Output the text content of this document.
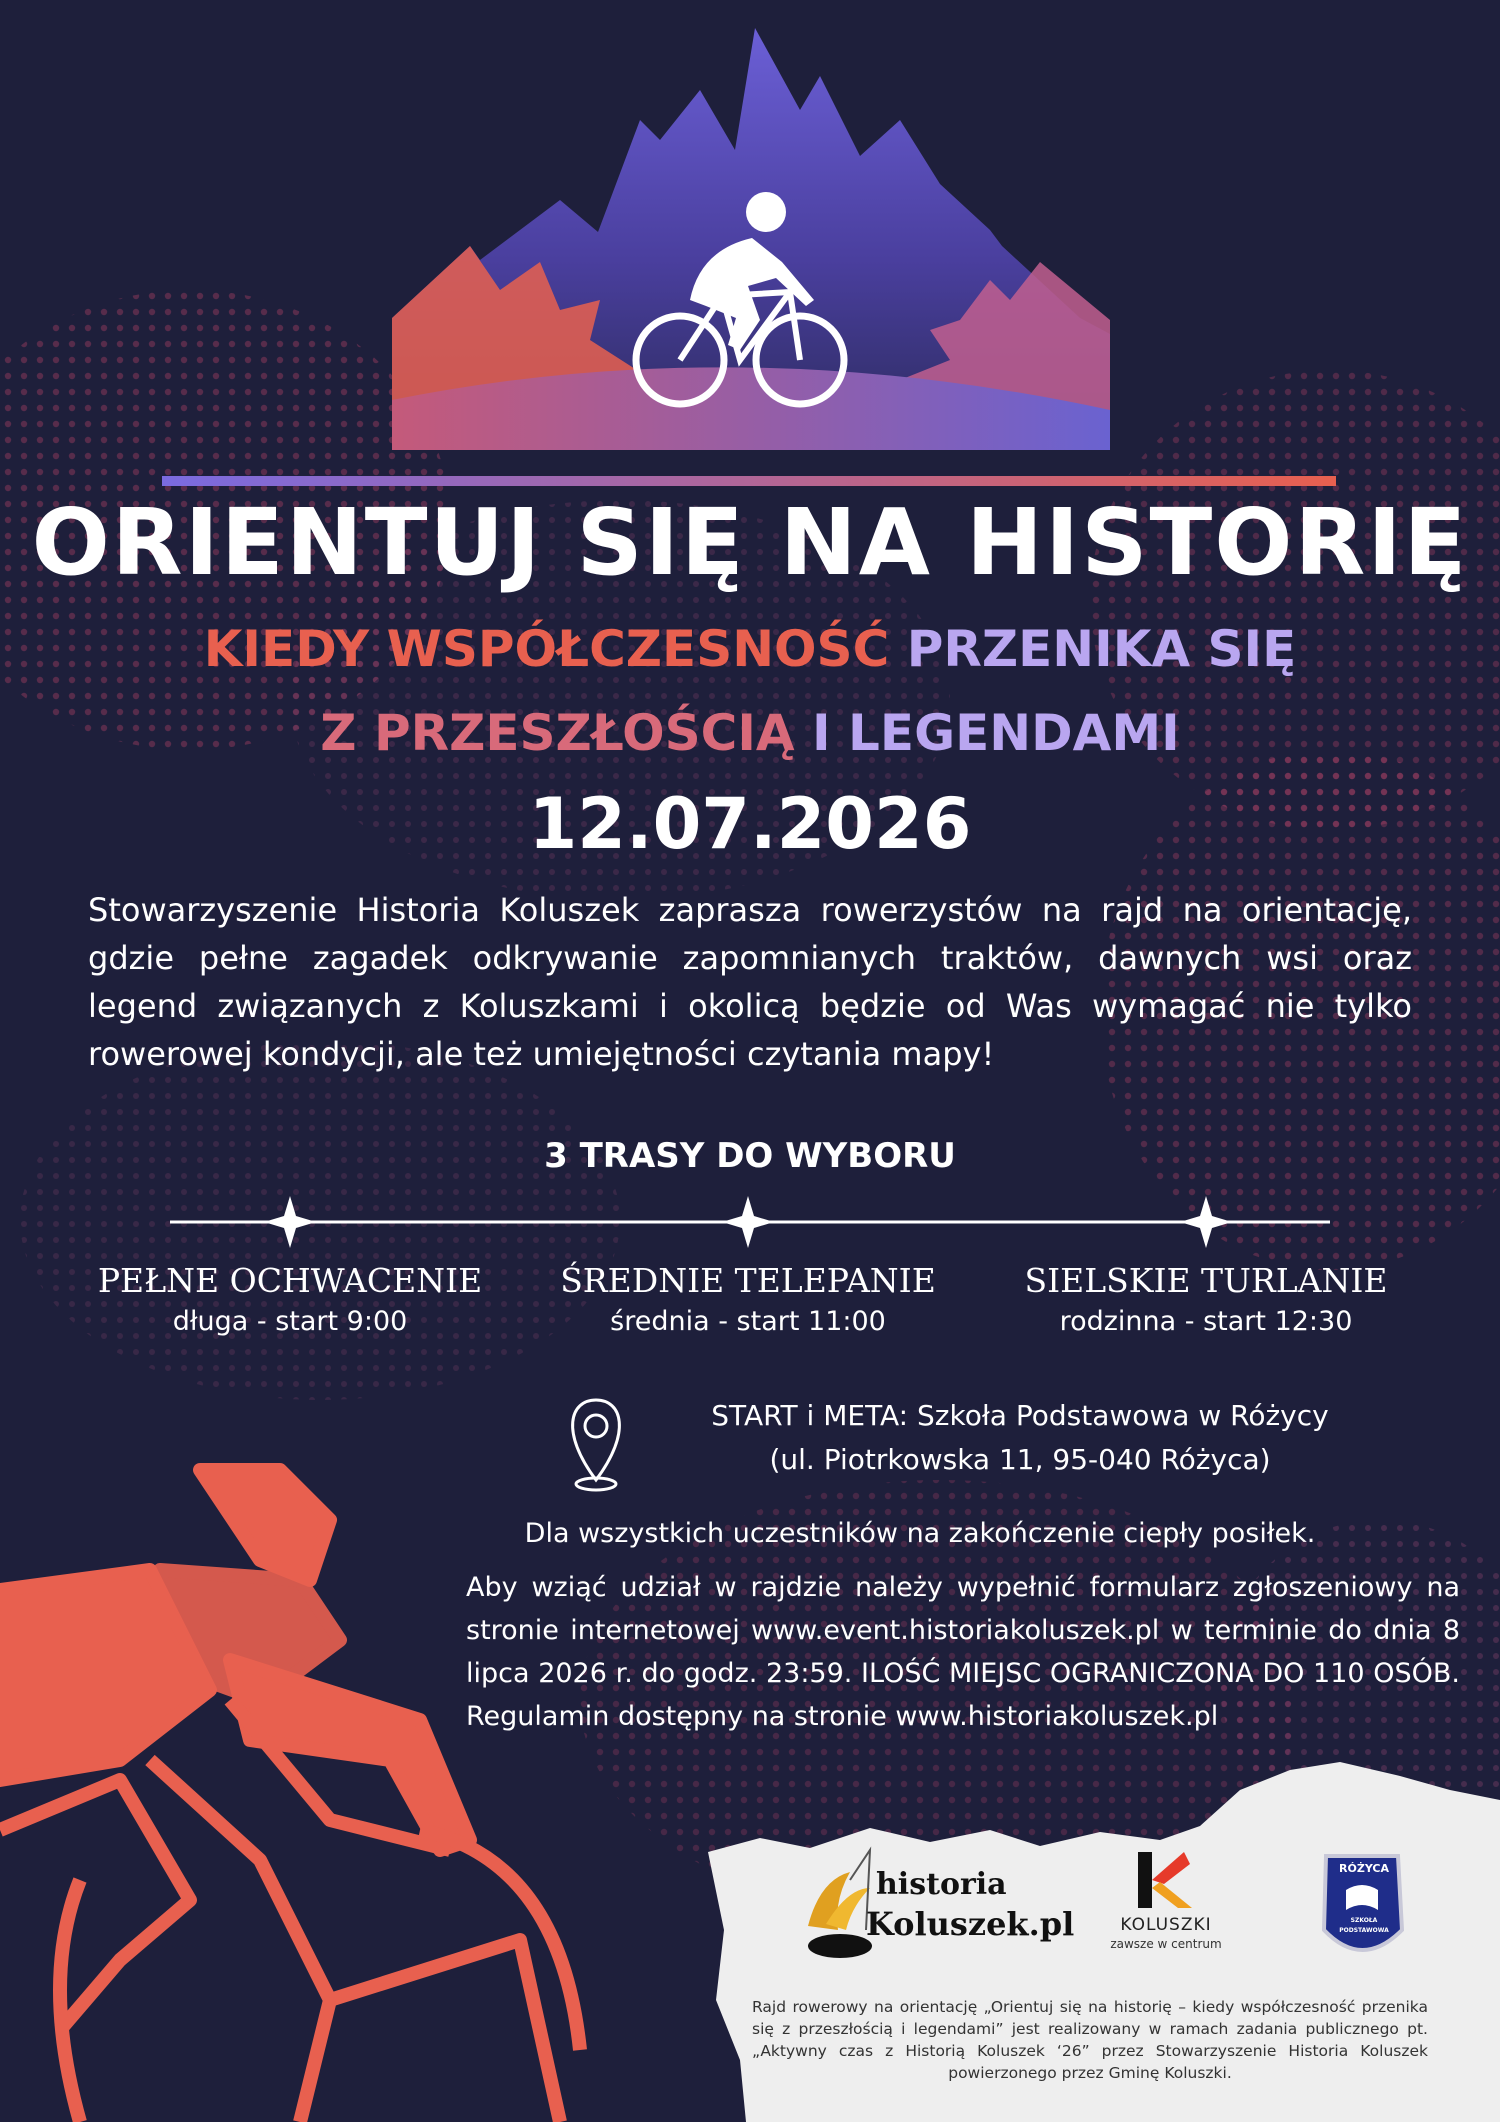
ORIENTUJ SIĘ NA HISTORIĘ
KIEDY WSPÓŁCZESNOŚĆ PRZENIKA SIĘ
Z PRZESZŁOŚCIĄ I LEGENDAMI
12.07.2026
Stowarzyszenie Historia Koluszek zaprasza rowerzystów na rajd na orientację, gdzie pełne zagadek odkrywanie zapomnianych traktów, dawnych wsi oraz legend związanych z Koluszkami i okolicą będzie od Was wymagać nie tylko rowerowej kondycji, ale też umiejętności czytania mapy!
3 TRASY DO WYBORU
PEŁNE OCHWACENIE
długa - start 9:00
ŚREDNIE TELEPANIE
średnia - start 11:00
SIELSKIE TURLANIE
rodzinna - start 12:30
START i META: Szkoła Podstawowa w Różycy
(ul. Piotrkowska 11, 95-040 Różyca)
Dla wszystkich uczestników na zakończenie ciepły posiłek.
Aby wziąć udział w rajdzie należy wypełnić formularz zgłoszeniowy na stronie internetowej www.event.historiakoluszek.pl w terminie do dnia 8 lipca 2026 r. do godz. 23:59. ILOŚĆ MIEJSC OGRANICZONA DO 110 OSÓB. Regulamin dostępny na stronie www.historiakoluszek.pl
historia
Koluszek.pl	KOLUSZKI
zawsze w centrum
RÓŻYCA
SZKOŁA PODSTAWOWA
Rajd rowerowy na orientację „Orientuj się na historię – kiedy współczesność przenika się z przeszłością i legendami” jest realizowany w ramach zadania publicznego pt. „Aktywny czas z Historią Koluszek ‘26” przez Stowarzyszenie Historia Koluszek powierzonego przez Gminę Koluszki.
